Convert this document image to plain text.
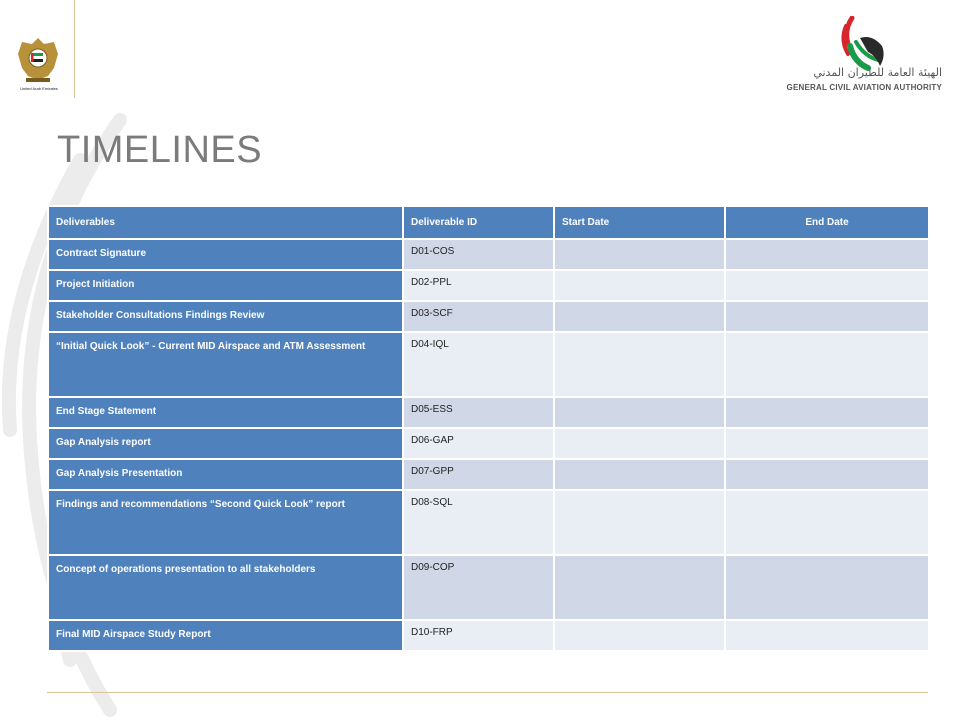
United Arab Emirates
الهيئة العامة للطيران المدني
GENERAL CIVIL AVIATION AUTHORITY
TIMELINES
Deliverables	Deliverable ID	Start Date	End Date
Contract Signature	D01-COS		
Project Initiation	D02-PPL		
Stakeholder Consultations Findings Review	D03-SCF		
“Initial Quick Look” - Current MID Airspace and ATM Assessment	D04-IQL		
End Stage Statement	D05-ESS		
Gap Analysis report	D06-GAP		
Gap Analysis Presentation	D07-GPP		
Findings and recommendations “Second Quick Look” report	D08-SQL		
Concept of operations presentation to all stakeholders	D09-COP		
Final MID Airspace Study Report	D10-FRP		
